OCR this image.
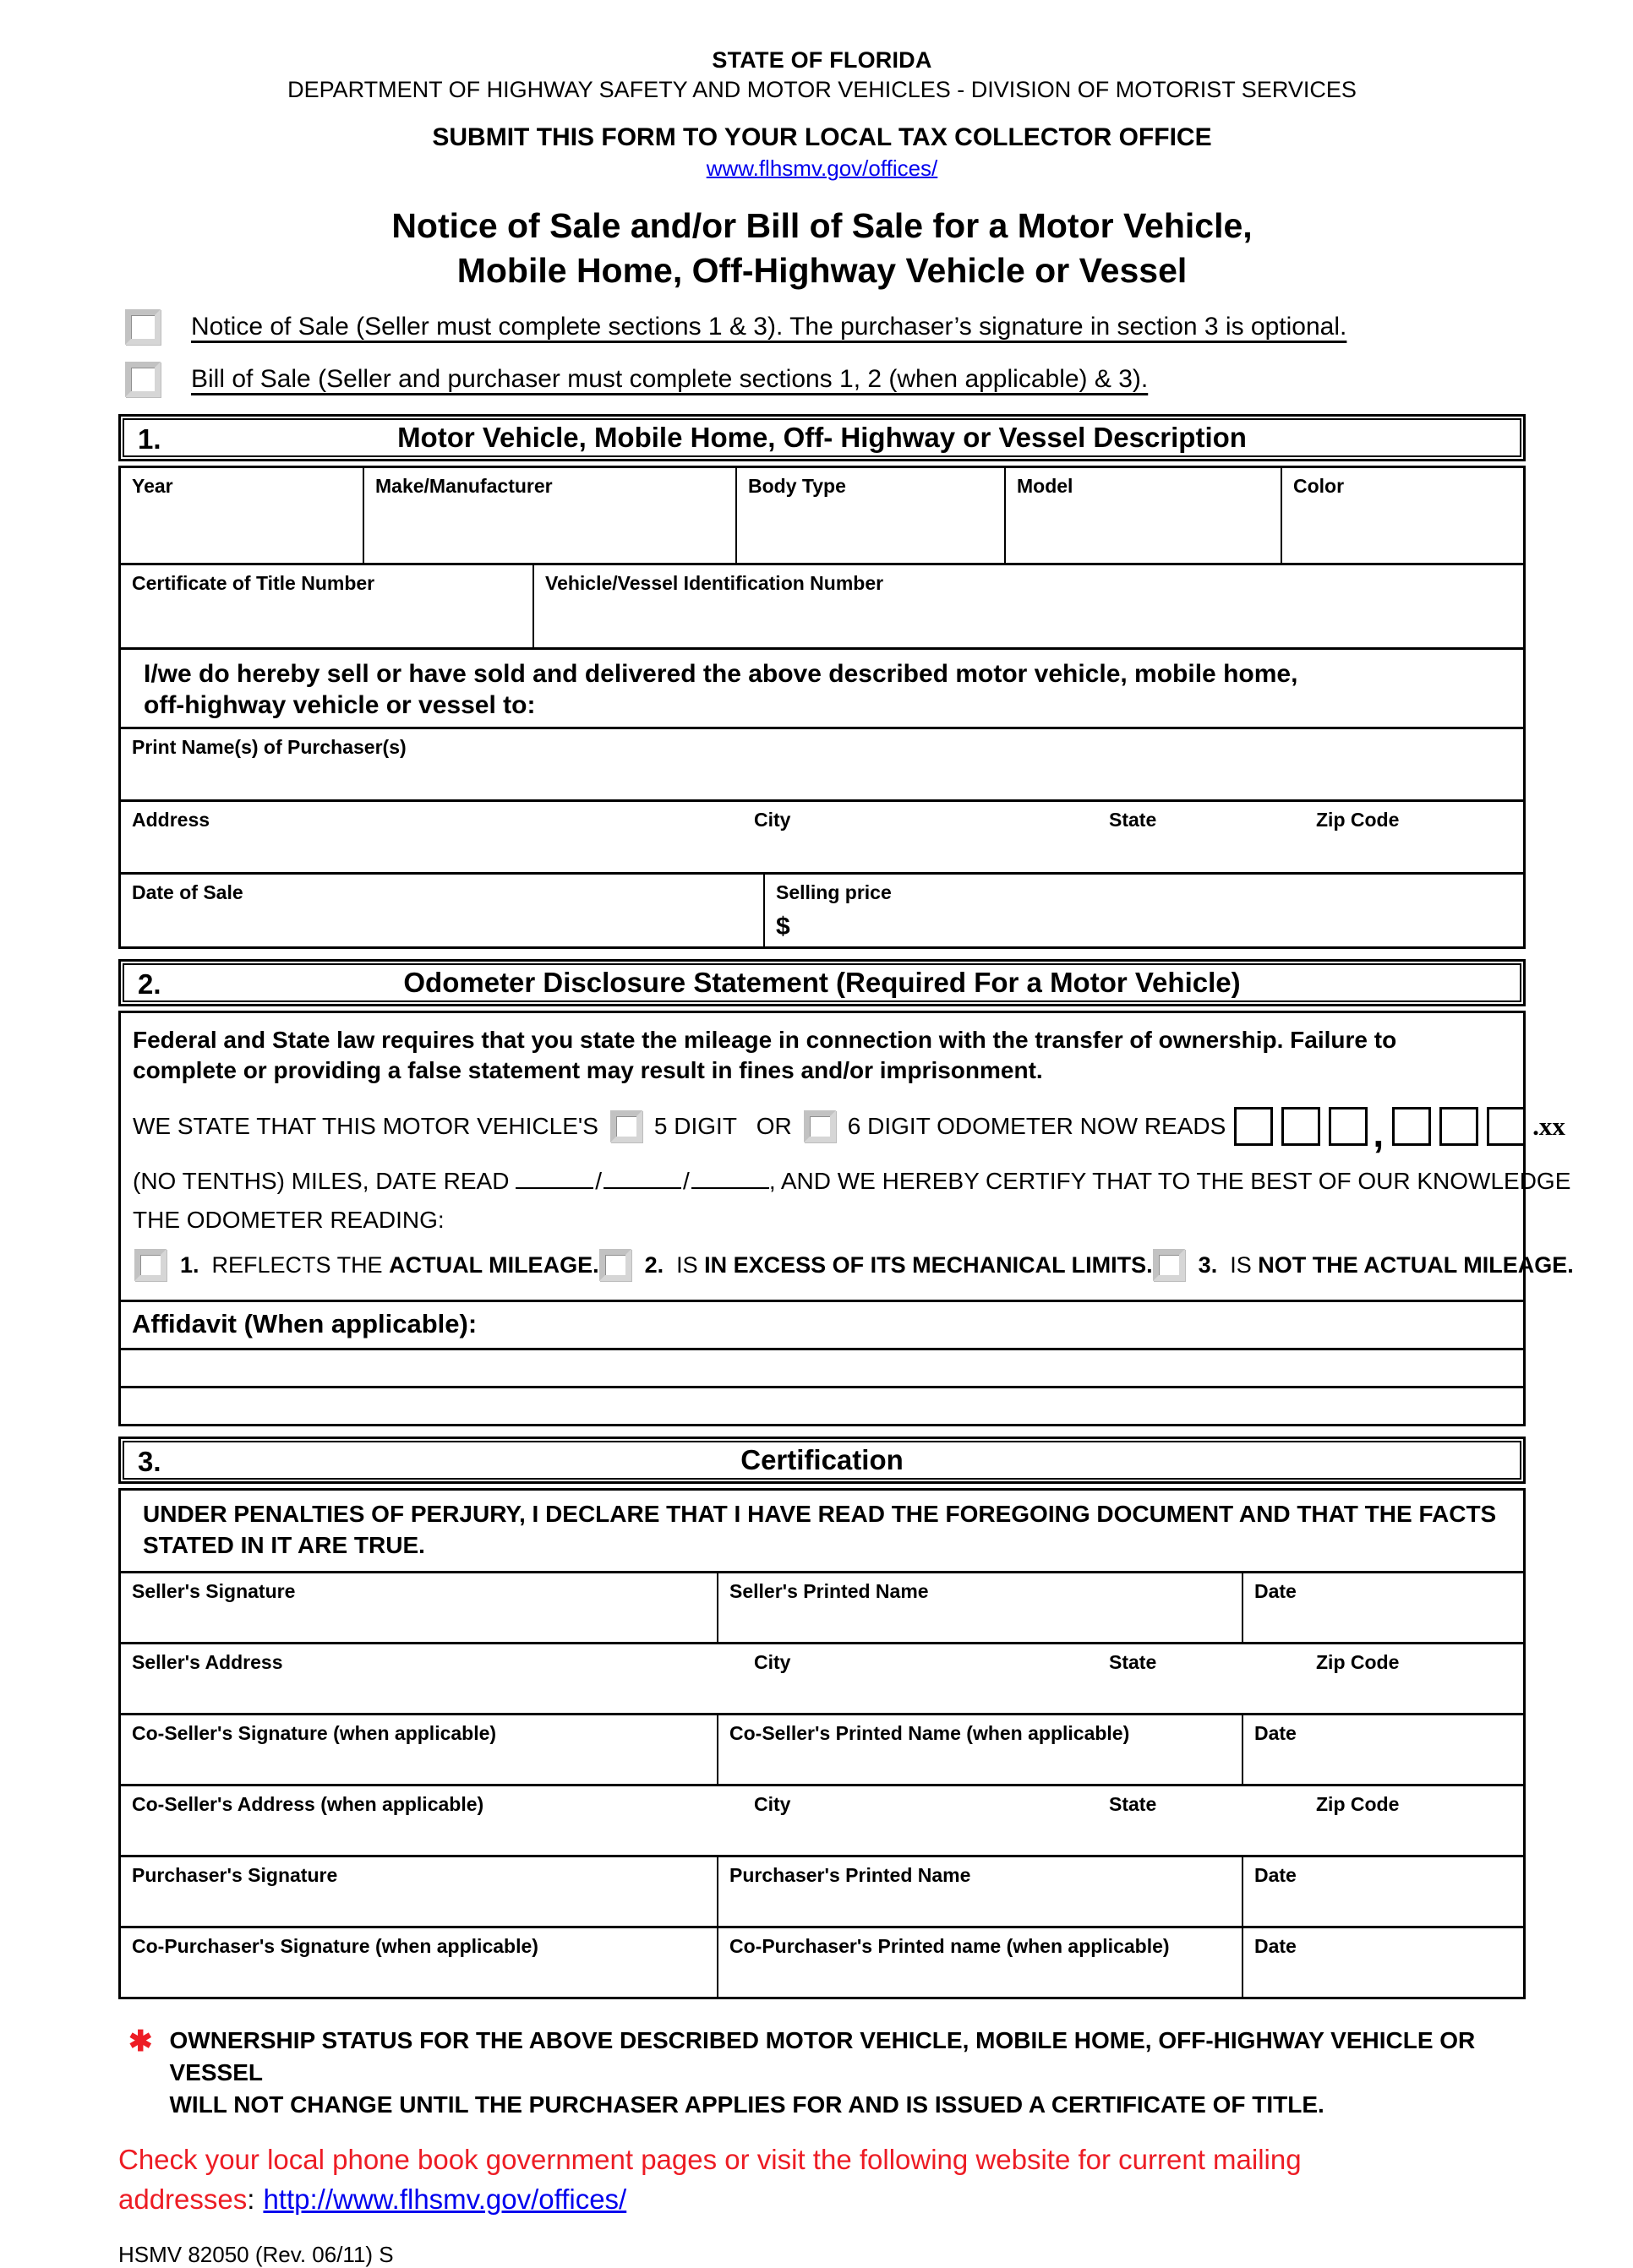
STATE OF FLORIDA
DEPARTMENT OF HIGHWAY SAFETY AND MOTOR VEHICLES - DIVISION OF MOTORIST SERVICES
SUBMIT THIS FORM TO YOUR LOCAL TAX COLLECTOR OFFICE
www.flhsmv.gov/offices/
Notice of Sale and/or Bill of Sale for a Motor Vehicle,
Mobile Home, Off-Highway Vehicle or Vessel
Notice of Sale (Seller must complete sections 1 & 3). The purchaser’s signature in section 3 is optional.
Bill of Sale (Seller and purchaser must complete sections 1, 2 (when applicable) & 3).
1.	Motor Vehicle, Mobile Home, Off- Highway or Vessel Description
Year	Make/Manufacturer	Body Type	Model	Color
Certificate of Title Number	Vehicle/Vessel Identification Number
I/we do hereby sell or have sold and delivered the above described motor vehicle, mobile home,
off-highway vehicle or vessel to:
Print Name(s) of Purchaser(s)
Address	City	State	Zip Code
Date of Sale	Selling price
$
2.	Odometer Disclosure Statement (Required For a Motor Vehicle)
Federal and State law requires that you state the mileage in connection with the transfer of ownership. Failure to
complete or providing a false statement may result in fines and/or imprisonment.
WE STATE THAT THIS MOTOR VEHICLE'S 5 DIGIT   OR 6 DIGIT ODOMETER NOW READS	,	.xx
(NO TENTHS) MILES, DATE READ	/	/	, AND WE HEREBY CERTIFY THAT TO THE BEST OF OUR KNOWLEDGE
THE ODOMETER READING:
1. REFLECTS THE ACTUAL MILEAGE. 2. IS IN EXCESS OF ITS MECHANICAL LIMITS. 3. IS NOT THE ACTUAL MILEAGE.
Affidavit (When applicable):
3.	Certification
UNDER PENALTIES OF PERJURY, I DECLARE THAT I HAVE READ THE FOREGOING DOCUMENT AND THAT THE FACTS
STATED IN IT ARE TRUE.
Seller's Signature	Seller's Printed Name	Date
Seller's Address	City	State	Zip Code
Co-Seller's Signature (when applicable)	Co-Seller's Printed Name (when applicable)	Date
Co-Seller's Address (when applicable)	City	State	Zip Code
Purchaser's Signature	Purchaser's Printed Name	Date
Co-Purchaser's Signature (when applicable)	Co-Purchaser's Printed name (when applicable)	Date
✱ OWNERSHIP STATUS FOR THE ABOVE DESCRIBED MOTOR VEHICLE, MOBILE HOME, OFF-HIGHWAY VEHICLE OR VESSEL
WILL NOT CHANGE UNTIL THE PURCHASER APPLIES FOR AND IS ISSUED A CERTIFICATE OF TITLE.
Check your local phone book government pages or visit the following website for current mailing
addresses: http://www.flhsmv.gov/offices/
HSMV 82050 (Rev. 06/11) S
